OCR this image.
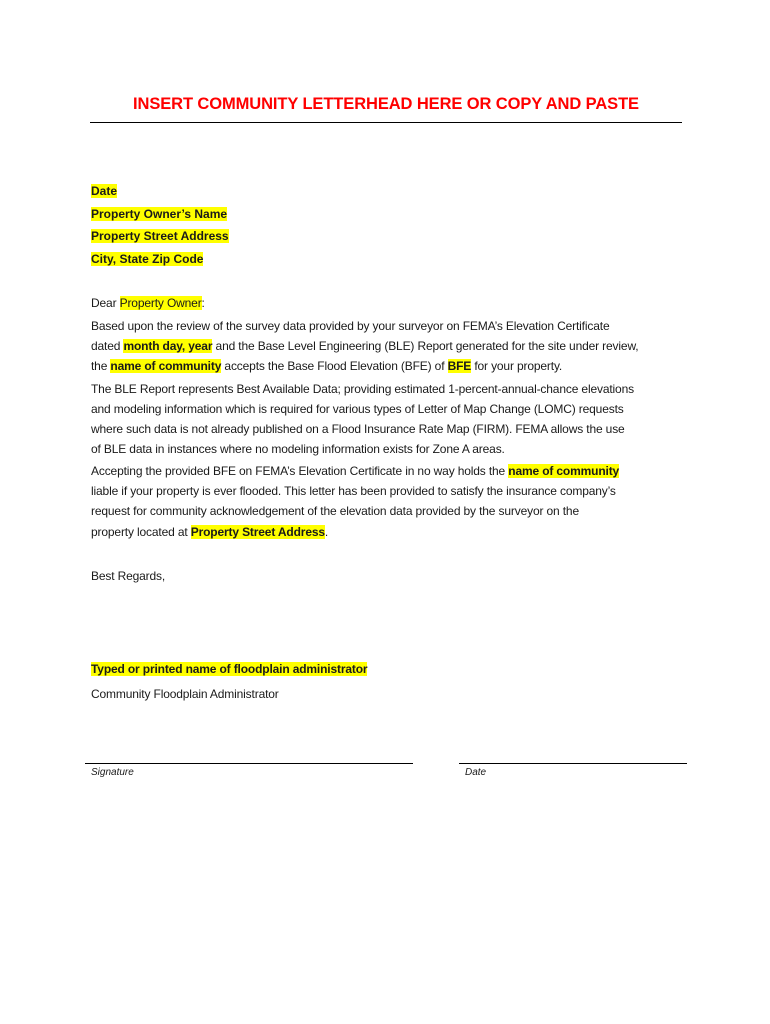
INSERT COMMUNITY LETTERHEAD HERE OR COPY AND PASTE
Date
Property Owner’s Name
Property Street Address
City, State Zip Code
Dear Property Owner:
Based upon the review of the survey data provided by your surveyor on FEMA’s Elevation Certificate
dated month day, year and the Base Level Engineering (BLE) Report generated for the site under review,
the name of community accepts the Base Flood Elevation (BFE) of BFE for your property.
The BLE Report represents Best Available Data; providing estimated 1-percent-annual-chance elevations
and modeling information which is required for various types of Letter of Map Change (LOMC) requests
where such data is not already published on a Flood Insurance Rate Map (FIRM). FEMA allows the use
of BLE data in instances where no modeling information exists for Zone A areas.
Accepting the provided BFE on FEMA’s Elevation Certificate in no way holds the name of community
liable if your property is ever flooded. This letter has been provided to satisfy the insurance company’s
request for community acknowledgement of the elevation data provided by the surveyor on the
property located at Property Street Address.
Best Regards,
Typed or printed name of floodplain administrator
Community Floodplain Administrator
Signature	Date
